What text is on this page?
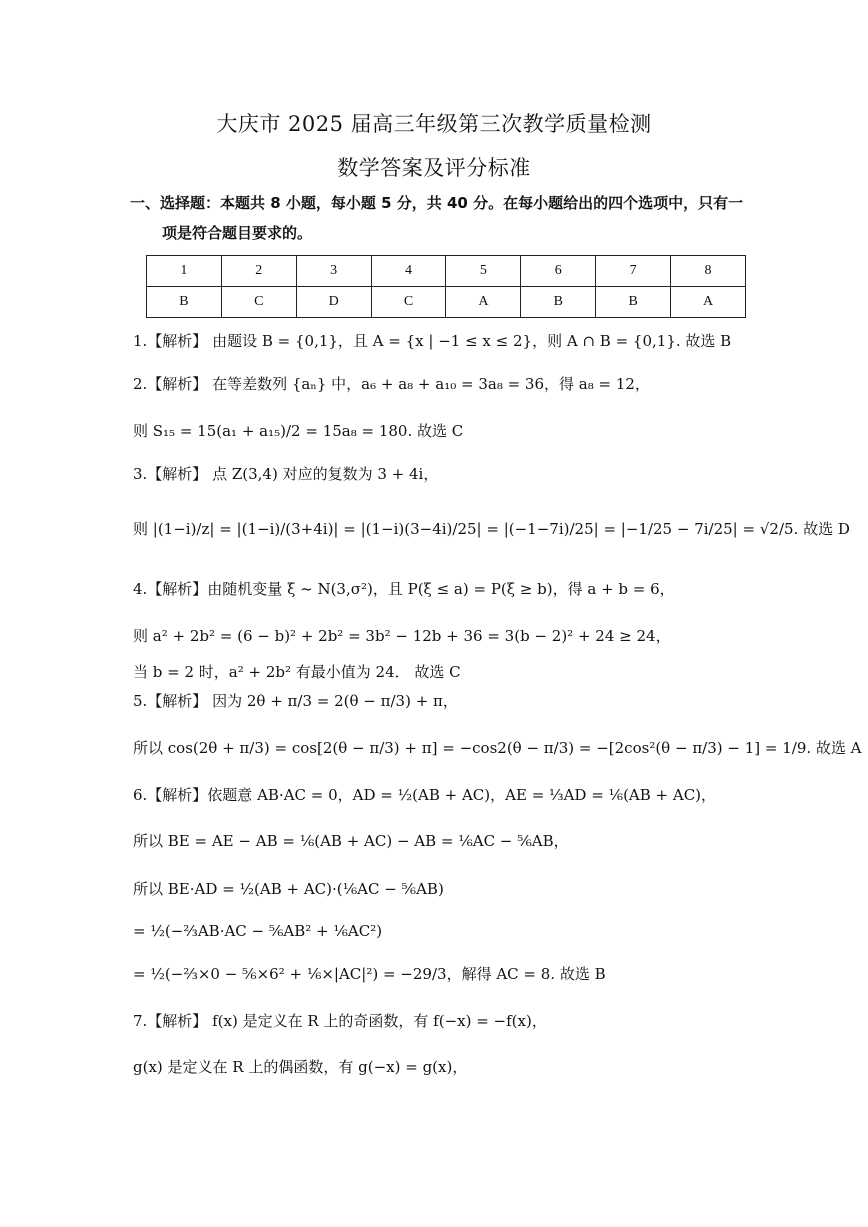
大庆市 2025 届高三年级第三次教学质量检测
数学答案及评分标准
一、选择题：本题共 8 小题，每小题 5 分，共 40 分。在每小题给出的四个选项中，只有一
项是符合题目要求的。
1	2	3	4	5	6	7	8
B	C	D	C	A	B	B	A
1.【解析】 由题设 B = {0,1}，且 A = {x | −1 ≤ x ≤ 2}，则 A ∩ B = {0,1}. 故选 B
2.【解析】 在等差数列 {aₙ} 中，a₆ + a₈ + a₁₀ = 3a₈ = 36，得 a₈ = 12，
则 S₁₅ = 15(a₁ + a₁₅)/2 = 15a₈ = 180. 故选 C
3.【解析】 点 Z(3,4) 对应的复数为 3 + 4i，
则 |(1−i)/z| = |(1−i)/(3+4i)| = |(1−i)(3−4i)/25| = |(−1−7i)/25| = |−1/25 − 7i/25| = √2/5. 故选 D
4.【解析】由随机变量 ξ ~ N(3,σ²)，且 P(ξ ≤ a) = P(ξ ≥ b)，得 a + b = 6，
则 a² + 2b² = (6 − b)² + 2b² = 3b² − 12b + 36 = 3(b − 2)² + 24 ≥ 24，
当 b = 2 时，a² + 2b² 有最小值为 24． 故选 C
5.【解析】 因为 2θ + π/3 = 2(θ − π/3) + π，
所以 cos(2θ + π/3) = cos[2(θ − π/3) + π] = −cos2(θ − π/3) = −[2cos²(θ − π/3) − 1] = 1/9. 故选 A
6.【解析】依题意 AB·AC = 0，AD = ½(AB + AC)，AE = ⅓AD = ⅙(AB + AC)，
所以 BE = AE − AB = ⅙(AB + AC) − AB = ⅙AC − ⅚AB，
所以 BE·AD = ½(AB + AC)·(⅙AC − ⅚AB)
= ½(−⅔AB·AC − ⅚AB² + ⅙AC²)
= ½(−⅔×0 − ⅚×6² + ⅙×|AC|²) = −29/3，解得 AC = 8. 故选 B
7.【解析】 f(x) 是定义在 R 上的奇函数，有 f(−x) = −f(x)，
g(x) 是定义在 R 上的偶函数，有 g(−x) = g(x)，
